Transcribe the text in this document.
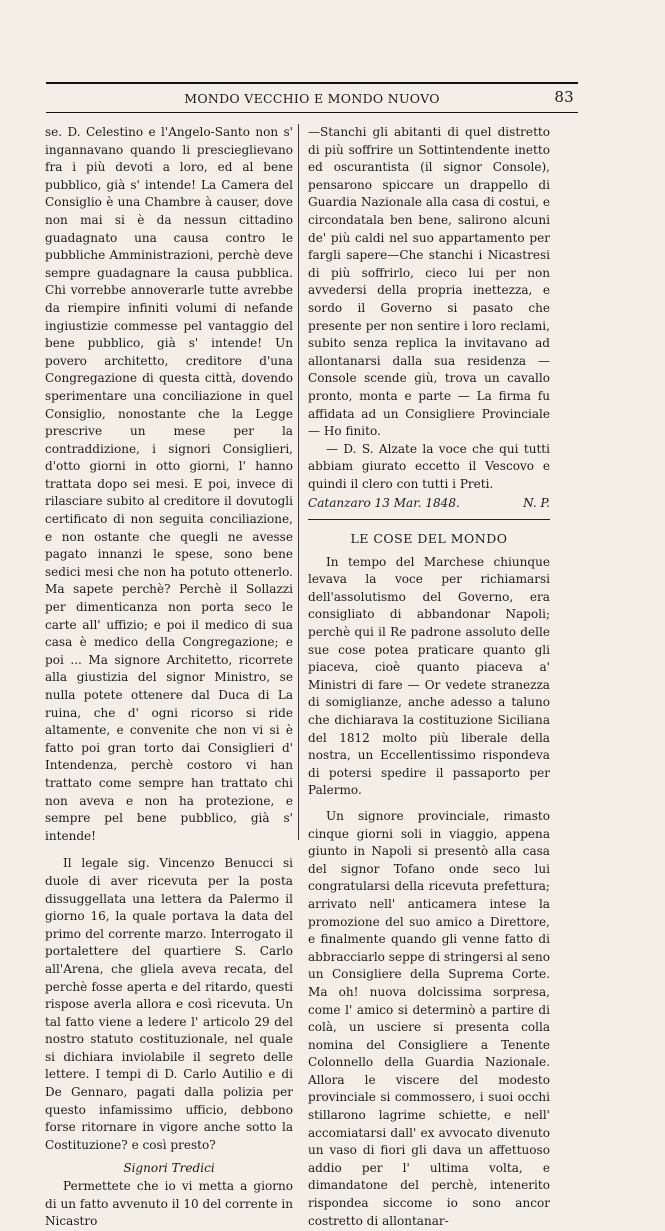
MONDO VECCHIO E MONDO NUOVO	83

se. D. Celestino e l'Angelo-Santo non s' ingannavano quando li prescieglievano fra i più devoti a loro, ed al bene pubblico, già s' intende! La Camera del Consiglio è una Chambre à causer, dove non mai si è da nessun cittadino guadagnato una causa contro le pubbliche Amministrazioni, perchè deve sempre guadagnare la causa pubblica. Chi vorrebbe annoverarle tutte avrebbe da riempire infiniti volumi di nefande ingiustizie commesse pel vantaggio del bene pubblico, già s' intende! Un povero architetto, creditore d'una Congregazione di questa città, dovendo sperimentare una conciliazione in quel Consiglio, nonostante che la Legge prescrive un mese per la contraddizione, i signori Consiglieri, d'otto giorni in otto giorni, l' hanno trattata dopo sei mesi. E poi, invece di rilasciare subito al creditore il dovutogli certificato di non seguita conciliazione, e non ostante che quegli ne avesse pagato innanzi le spese, sono bene sedici mesi che non ha potuto ottenerlo. Ma sapete perchè? Perchè il Sollazzi per dimenticanza non porta seco le carte all' uffizio; e poi il medico di sua casa è medico della Congregazione; e poi ... Ma signore Architetto, ricorrete alla giustizia del signor Ministro, se nulla potete ottenere dal Duca di La ruina, che d' ogni ricorso si ride altamente, e convenite che non vi si è fatto poi gran torto dai Consiglieri d' Intendenza, perchè costoro vi han trattato come sempre han trattato chi non aveva e non ha protezione, e sempre pel bene pubblico, già s' intende!

Il legale sig. Vincenzo Benucci si duole di aver ricevuta per la posta dissuggellata una lettera da Palermo il giorno 16, la quale portava la data del primo del corrente marzo. Interrogato il portalettere del quartiere S. Carlo all'Arena, che gliela aveva recata, del perchè fosse aperta e del ritardo, questi rispose averla allora e così ricevuta. Un tal fatto viene a ledere l' articolo 29 del nostro statuto costituzionale, nel quale si dichiara inviolabile il segreto delle lettere. I tempi di D. Carlo Autilio e di De Gennaro, pagati dalla polizia per questo infamissimo ufficio, debbono forse ritornare in vigore anche sotto la Costituzione? e così presto?

Signori Tredici

Permettete che io vi metta a giorno di un fatto avvenuto il 10 del corrente in Nicastro

—Stanchi gli abitanti di quel distretto di più soffrire un Sottintendente inetto ed oscurantista (il signor Console), pensarono spiccare un drappello di Guardia Nazionale alla casa di costui, e circondatala ben bene, salirono alcuni de' più caldi nel suo appartamento per fargli sapere—Che stanchi i Nicastresi di più soffrirlo, cieco lui per non avvedersi della propria inettezza, e sordo il Governo si pasato che presente per non sentire i loro reclami, subito senza replica la invitavano ad allontanarsi dalla sua residenza — Console scende giù, trova un cavallo pronto, monta e parte — La firma fu affidata ad un Consigliere Provinciale — Ho finito.

— D. S. Alzate la voce che qui tutti abbiam giurato eccetto il Vescovo e quindi il clero con tutti i Preti.

Catanzaro 13 Mar. 1848.	N. P.
LE COSE DEL MONDO

In tempo del Marchese chiunque levava la voce per richiamarsi dell'assolutismo del Governo, era consigliato di abbandonar Napoli; perchè qui il Re padrone assoluto delle sue cose potea praticare quanto gli piaceva, cioè quanto piaceva a' Ministri di fare — Or vedete stranezza di somiglianze, anche adesso a taluno che dichiarava la costituzione Siciliana del 1812 molto più liberale della nostra, un Eccellentissimo rispondeva di potersi spedire il passaporto per Palermo.

Un signore provinciale, rimasto cinque giorni soli in viaggio, appena giunto in Napoli si presentò alla casa del signor Tofano onde seco lui congratularsi della ricevuta prefettura; arrivato nell' anticamera intese la promozione del suo amico a Direttore, e finalmente quando gli venne fatto di abbracciarlo seppe di stringersi al seno un Consigliere della Suprema Corte. Ma oh! nuova dolcissima sorpresa, come l' amico si determinò a partire di colà, un usciere si presenta colla nomina del Consigliere a Tenente Colonnello della Guardia Nazionale. Allora le viscere del modesto provinciale si commossero, i suoi occhi stillarono lagrime schiette, e nell' accomiatarsi dall' ex avvocato divenuto un vaso di fiori gli dava un affettuoso addio per l' ultima volta, e dimandatone del perchè, intenerito rispondea siccome io sono ancor costretto di allontanar-
